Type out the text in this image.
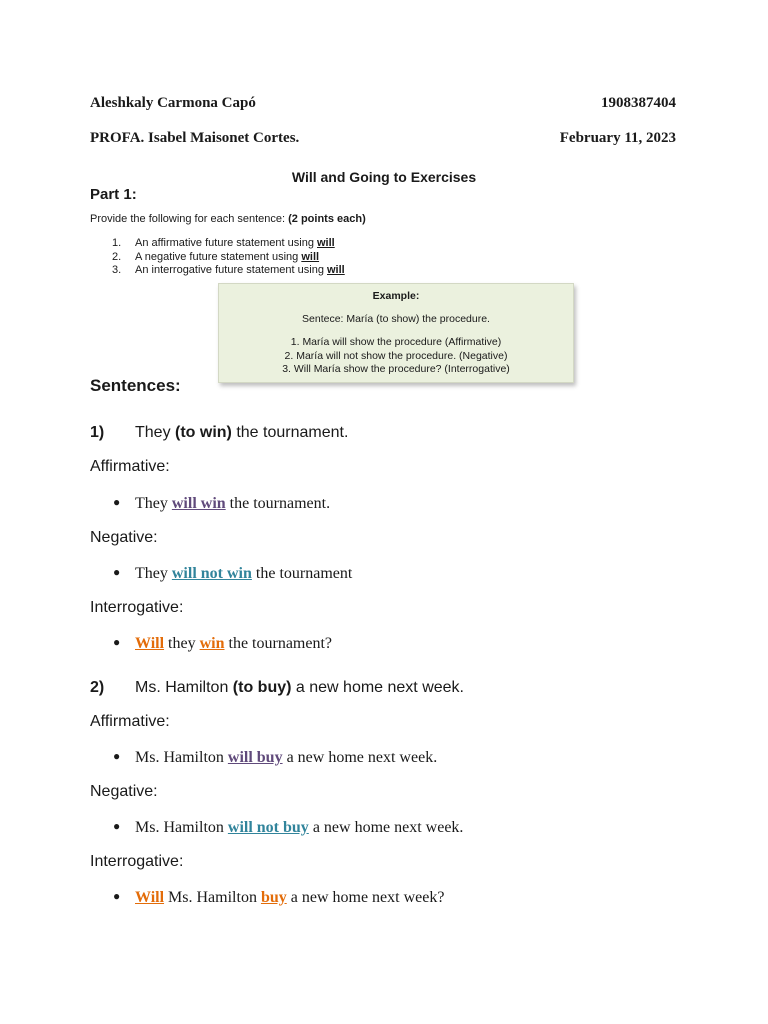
Aleshkaly Carmona Capó	1908387404
PROFA. Isabel Maisonet Cortes.	February 11, 2023
Will and Going to Exercises
Part 1:
Provide the following for each sentence: (2 points each)
1. An affirmative future statement using will
2. A negative future statement using will
3. An interrogative future statement using will
Example:
Sentece: María (to show) the procedure.
1. María will show the procedure (Affirmative)
2. María will not show the procedure. (Negative)
3. Will María show the procedure? (Interrogative)
Sentences:
1) They (to win) the tournament.
Affirmative:
● They will win the tournament.
Negative:
● They will not win the tournament
Interrogative:
● Will they win the tournament?
2) Ms. Hamilton (to buy) a new home next week.
Affirmative:
● Ms. Hamilton will buy a new home next week.
Negative:
● Ms. Hamilton will not buy a new home next week.
Interrogative:
● Will Ms. Hamilton buy a new home next week?
